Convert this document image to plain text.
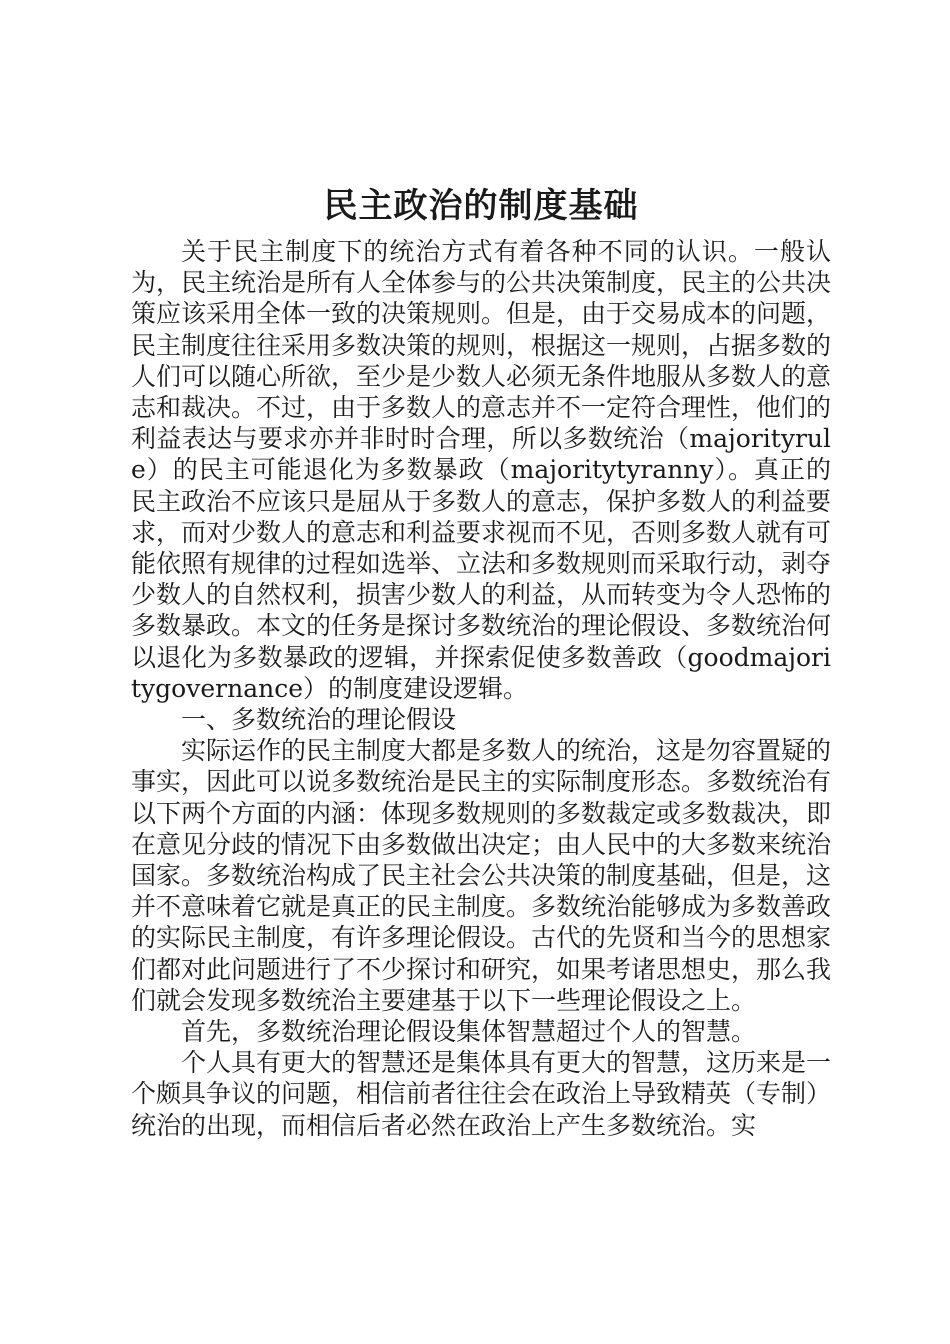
民主政治的制度基础

关于民主制度下的统治方式有着各种不同的认识。一般认为，民主统治是所有人全体参与的公共决策制度，民主的公共决策应该采用全体一致的决策规则。但是，由于交易成本的问题，民主制度往往采用多数决策的规则，根据这一规则，占据多数的人们可以随心所欲，至少是少数人必须无条件地服从多数人的意志和裁决。不过，由于多数人的意志并不一定符合理性，他们的利益表达与要求亦并非时时合理，所以多数统治（majorityrule）的民主可能退化为多数暴政（majoritytyranny）。真正的民主政治不应该只是屈从于多数人的意志，保护多数人的利益要求，而对少数人的意志和利益要求视而不见，否则多数人就有可能依照有规律的过程如选举、立法和多数规则而采取行动，剥夺少数人的自然权利，损害少数人的利益，从而转变为令人恐怖的多数暴政。本文的任务是探讨多数统治的理论假设、多数统治何以退化为多数暴政的逻辑，并探索促使多数善政（goodmajoritygovernance）的制度建设逻辑。

一、多数统治的理论假设

实际运作的民主制度大都是多数人的统治，这是勿容置疑的事实，因此可以说多数统治是民主的实际制度形态。多数统治有以下两个方面的内涵：体现多数规则的多数裁定或多数裁决，即在意见分歧的情况下由多数做出决定；由人民中的大多数来统治国家。多数统治构成了民主社会公共决策的制度基础，但是，这并不意味着它就是真正的民主制度。多数统治能够成为多数善政的实际民主制度，有许多理论假设。古代的先贤和当今的思想家们都对此问题进行了不少探讨和研究，如果考诸思想史，那么我们就会发现多数统治主要建基于以下一些理论假设之上。

首先，多数统治理论假设集体智慧超过个人的智慧。

个人具有更大的智慧还是集体具有更大的智慧，这历来是一个颇具争议的问题，相信前者往往会在政治上导致精英（专制）统治的出现，而相信后者必然在政治上产生多数统治。实
